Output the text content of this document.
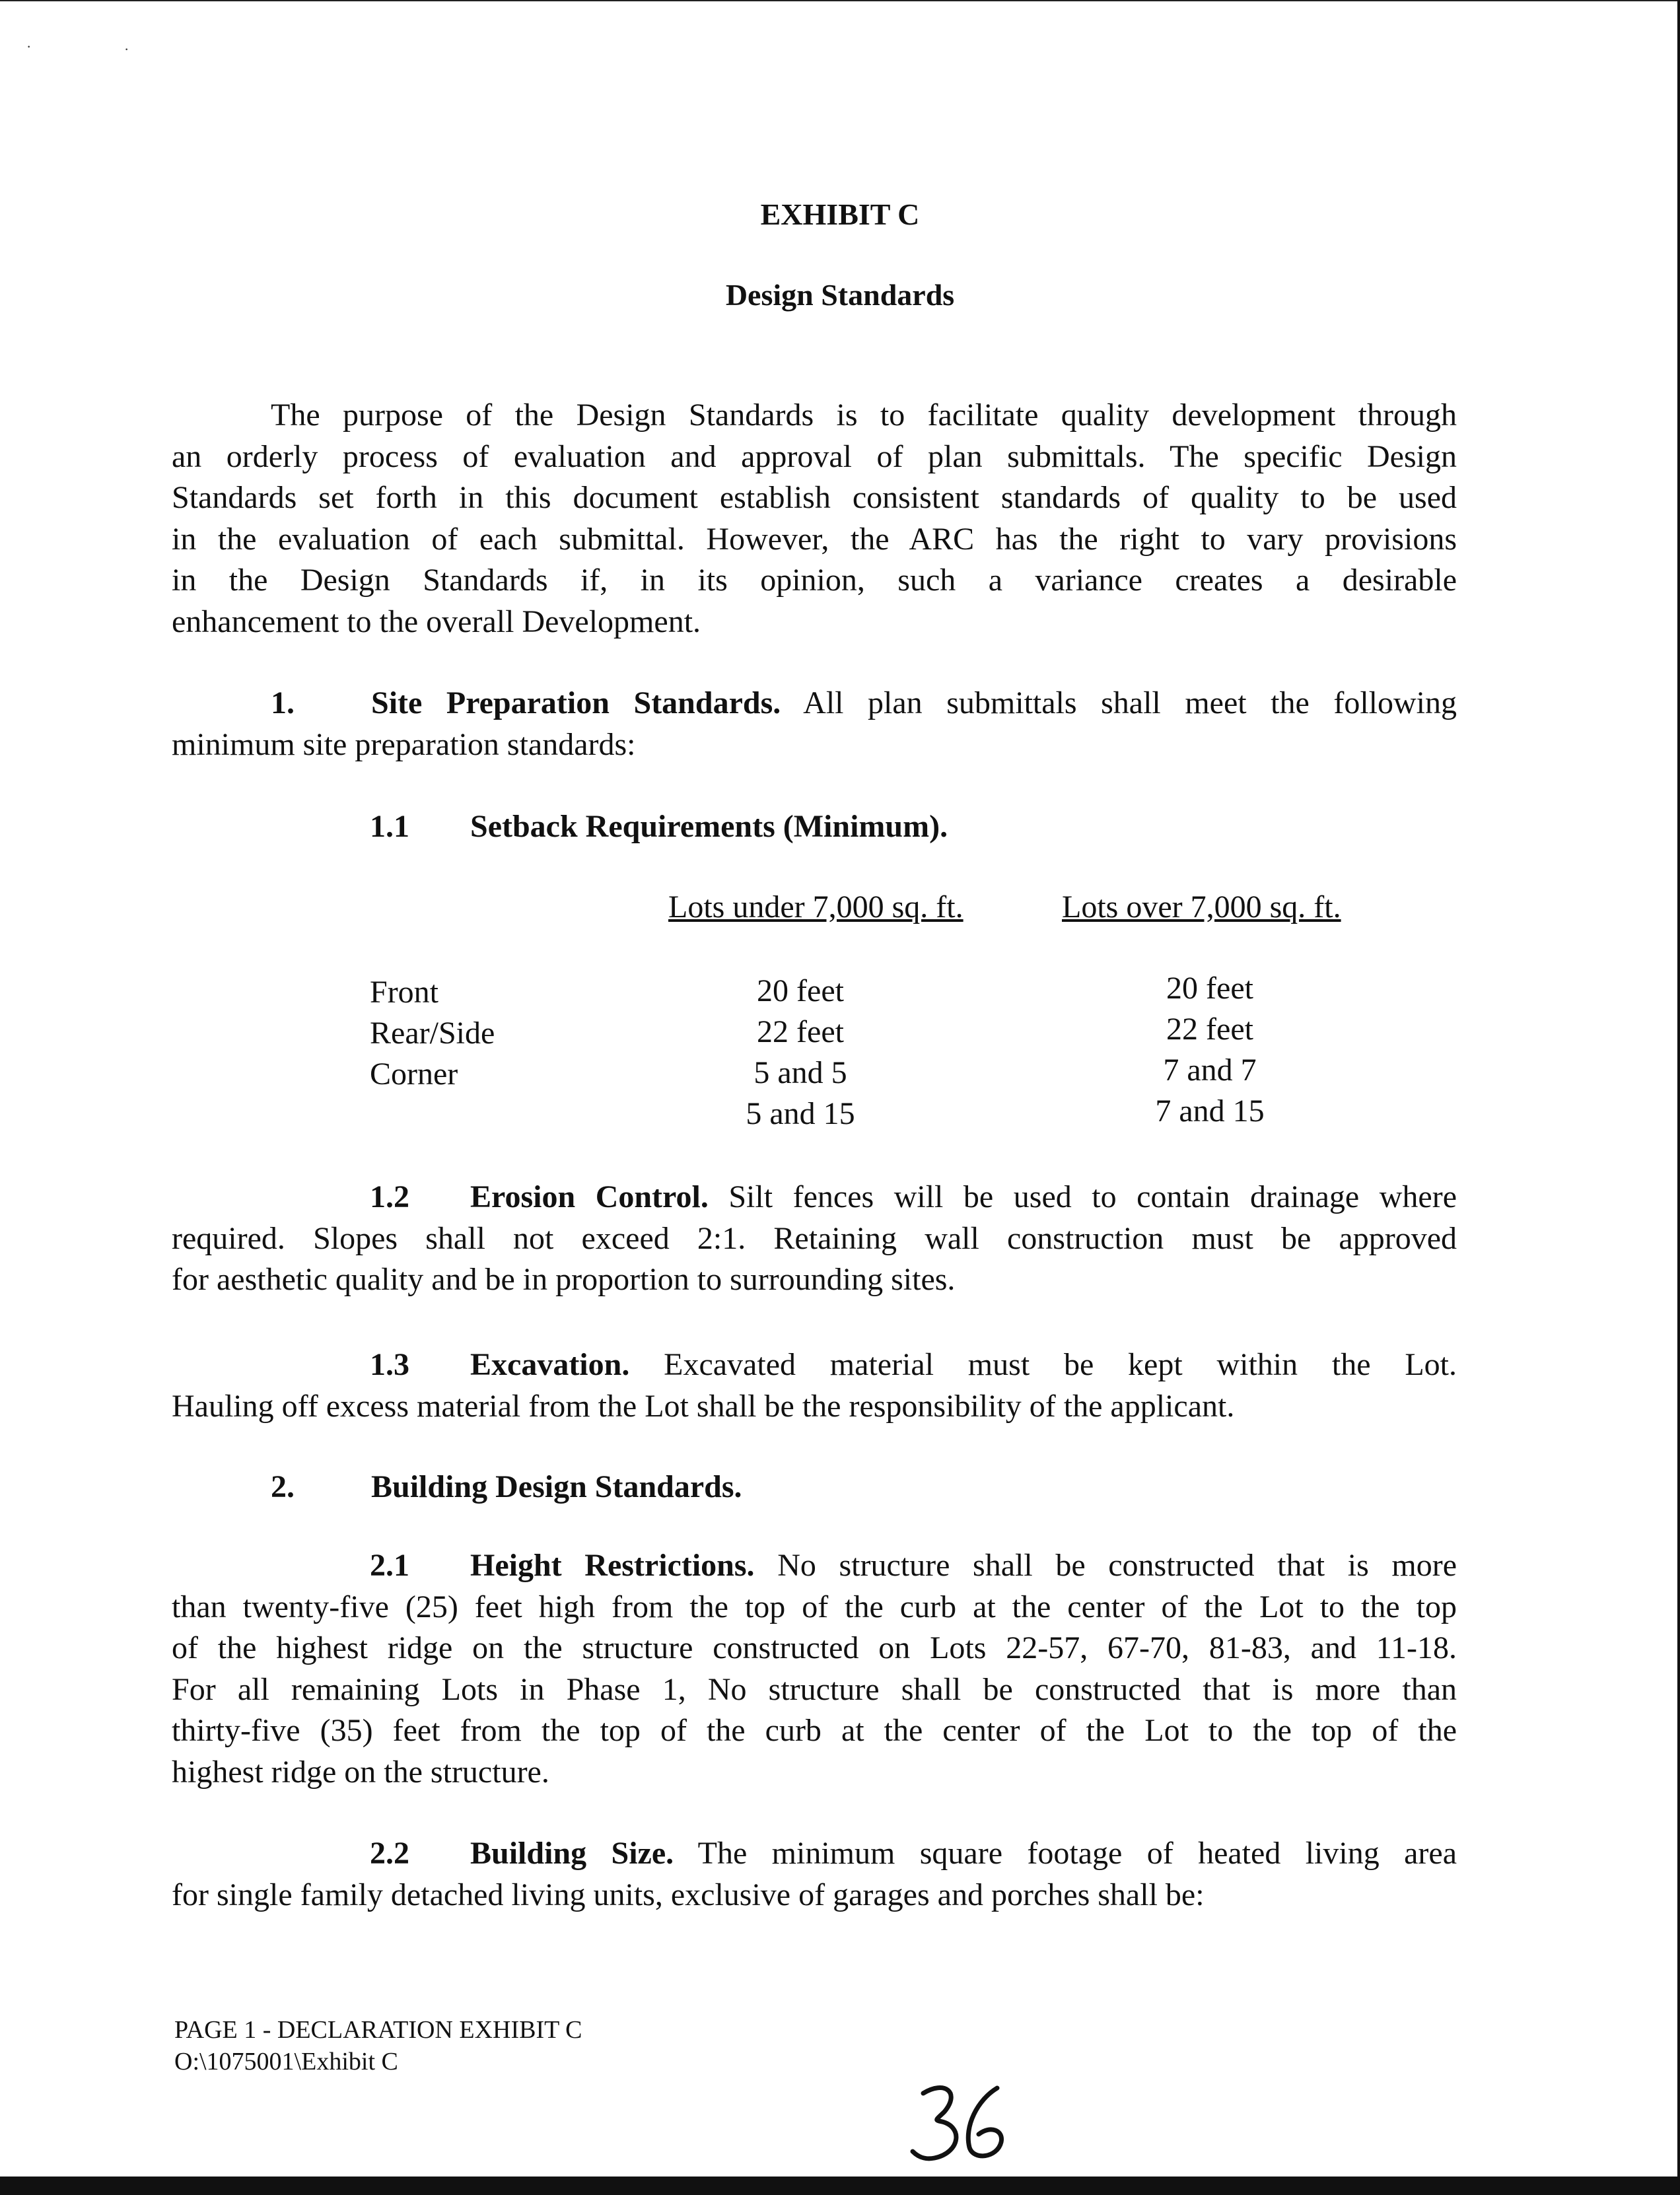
·	·
EXHIBIT C
Design Standards
The purpose of the Design Standards is to facilitate quality development through
an orderly process of evaluation and approval of plan submittals. The specific Design
Standards set forth in this document establish consistent standards of quality to be used
in the evaluation of each submittal. However, the ARC has the right to vary provisions
in the Design Standards if, in its opinion, such a variance creates a desirable
enhancement to the overall Development.
1. Site Preparation Standards. All plan submittals shall meet the following
minimum site preparation standards:
1.1 Setback Requirements (Minimum).
Lots under 7,000 sq. ft.	Lots over 7,000 sq. ft.
Front
Rear/Side
Corner
20 feet
22 feet
5 and 5
5 and 15
20 feet
22 feet
7 and 7
7 and 15
1.2 Erosion Control. Silt fences will be used to contain drainage where
required. Slopes shall not exceed 2:1. Retaining wall construction must be approved
for aesthetic quality and be in proportion to surrounding sites.
1.3 Excavation. Excavated material must be kept within the Lot.
Hauling off excess material from the Lot shall be the responsibility of the applicant.
2. Building Design Standards.
2.1 Height Restrictions. No structure shall be constructed that is more
than twenty-five (25) feet high from the top of the curb at the center of the Lot to the top
of the highest ridge on the structure constructed on Lots 22-57, 67-70, 81-83, and 11-18.
For all remaining Lots in Phase 1, No structure shall be constructed that is more than
thirty-five (35) feet from the top of the curb at the center of the Lot to the top of the
highest ridge on the structure.
2.2 Building Size. The minimum square footage of heated living area
for single family detached living units, exclusive of garages and porches shall be:
PAGE 1 - DECLARATION EXHIBIT C
O:\1075001\Exhibit C
